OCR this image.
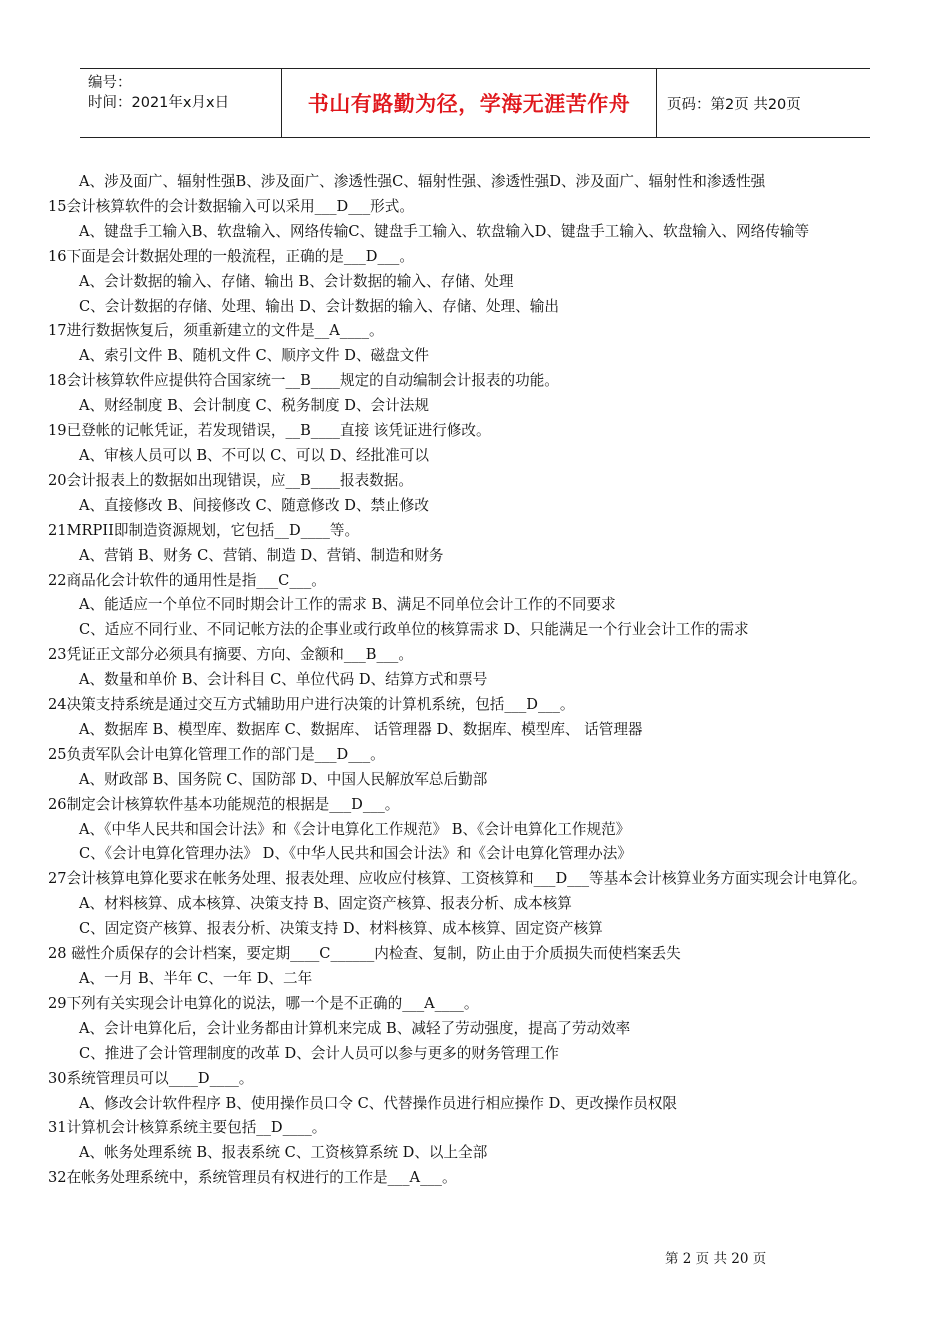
编号：
时间：2021年x月x日	书山有路勤为径，学海无涯苦作舟	页码：第2页 共20页
A、涉及面广、辐射性强B、涉及面广、渗透性强C、辐射性强、渗透性强D、涉及面广、辐射性和渗透性强
15会计核算软件的会计数据输入可以采用___D___形式。
A、键盘手工输入B、软盘输入、网络传输C、键盘手工输入、软盘输入D、键盘手工输入、软盘输入、网络传输等
16下面是会计数据处理的一般流程，正确的是___D___。
A、会计数据的输入、存储、输出 B、会计数据的输入、存储、处理
C、会计数据的存储、处理、输出 D、会计数据的输入、存储、处理、输出
17进行数据恢复后，须重新建立的文件是__A____。
A、索引文件 B、随机文件 C、顺序文件 D、磁盘文件
18会计核算软件应提供符合国家统一__B____规定的自动编制会计报表的功能。
A、财经制度 B、会计制度 C、税务制度 D、会计法规
19已登帐的记帐凭证，若发现错误，__B____直接 该凭证进行修改。
A、审核人员可以 B、不可以 C、可以 D、经批准可以
20会计报表上的数据如出现错误，应__B____报表数据。
A、直接修改 B、间接修改 C、随意修改 D、禁止修改
21MRPII即制造资源规划，它包括__D____等。
A、营销 B、财务 C、营销、制造 D、营销、制造和财务
22商品化会计软件的通用性是指___C___。
A、能适应一个单位不同时期会计工作的需求 B、满足不同单位会计工作的不同要求
C、适应不同行业、不同记帐方法的企事业或行政单位的核算需求 D、只能满足一个行业会计工作的需求
23凭证正文部分必须具有摘要、方向、金额和___B___。
A、数量和单价 B、会计科目 C、单位代码 D、结算方式和票号
24决策支持系统是通过交互方式辅助用户进行决策的计算机系统，包括___D___。
A、数据库 B、模型库、数据库 C、数据库、 话管理器 D、数据库、模型库、 话管理器
25负责军队会计电算化管理工作的部门是___D___。
A、财政部 B、国务院 C、国防部 D、中国人民解放军总后勤部
26制定会计核算软件基本功能规范的根据是___D___。
A、《中华人民共和国会计法》和《会计电算化工作规范》 B、《会计电算化工作规范》
C、《会计电算化管理办法》 D、《中华人民共和国会计法》和《会计电算化管理办法》
27会计核算电算化要求在帐务处理、报表处理、应收应付核算、工资核算和___D___等基本会计核算业务方面实现会计电算化。
A、材料核算、成本核算、决策支持 B、固定资产核算、报表分析、成本核算
C、固定资产核算、报表分析、决策支持 D、材料核算、成本核算、固定资产核算
28 磁性介质保存的会计档案，要定期____C______内检查、复制，防止由于介质损失而使档案丢失
A、一月 B、半年 C、一年 D、二年
29下列有关实现会计电算化的说法，哪一个是不正确的___A____。
A、会计电算化后，会计业务都由计算机来完成 B、减轻了劳动强度，提高了劳动效率
C、推进了会计管理制度的改革 D、会计人员可以参与更多的财务管理工作
30系统管理员可以____D____。
A、修改会计软件程序 B、使用操作员口令 C、代替操作员进行相应操作 D、更改操作员权限
31计算机会计核算系统主要包括__D____。
A、帐务处理系统 B、报表系统 C、工资核算系统 D、以上全部
32在帐务处理系统中，系统管理员有权进行的工作是___A___。
第 2 页 共 20 页
